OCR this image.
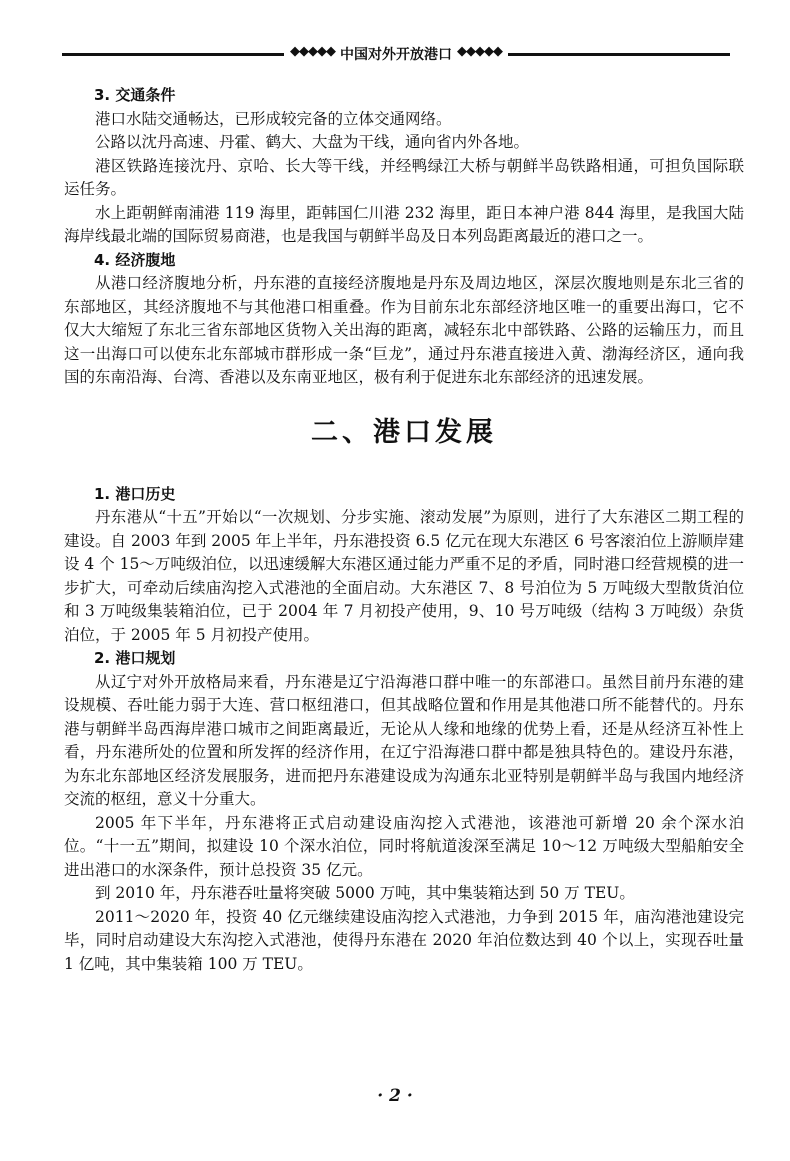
◆◆◆◆◆ 中国对外开放港口 ◆◆◆◆◆
3. 交通条件

港口水陆交通畅达，已形成较完备的立体交通网络。

公路以沈丹高速、丹霍、鹤大、大盘为干线，通向省内外各地。

港区铁路连接沈丹、京哈、长大等干线，并经鸭绿江大桥与朝鲜半岛铁路相通，可担负国际联运任务。

水上距朝鲜南浦港 119 海里，距韩国仁川港 232 海里，距日本神户港 844 海里，是我国大陆海岸线最北端的国际贸易商港，也是我国与朝鲜半岛及日本列岛距离最近的港口之一。

4. 经济腹地

从港口经济腹地分析，丹东港的直接经济腹地是丹东及周边地区，深层次腹地则是东北三省的东部地区，其经济腹地不与其他港口相重叠。作为目前东北东部经济地区唯一的重要出海口，它不仅大大缩短了东北三省东部地区货物入关出海的距离，减轻东北中部铁路、公路的运输压力，而且这一出海口可以使东北东部城市群形成一条“巨龙”，通过丹东港直接进入黄、渤海经济区，通向我国的东南沿海、台湾、香港以及东南亚地区，极有利于促进东北东部经济的迅速发展。

二、港口发展
1. 港口历史

丹东港从“十五”开始以“一次规划、分步实施、滚动发展”为原则，进行了大东港区二期工程的建设。自 2003 年到 2005 年上半年，丹东港投资 6.5 亿元在现大东港区 6 号客滚泊位上游顺岸建设 4 个 15～万吨级泊位，以迅速缓解大东港区通过能力严重不足的矛盾，同时港口经营规模的进一步扩大，可牵动后续庙沟挖入式港池的全面启动。大东港区 7、8 号泊位为 5 万吨级大型散货泊位和 3 万吨级集装箱泊位，已于 2004 年 7 月初投产使用，9、10 号万吨级（结构 3 万吨级）杂货泊位，于 2005 年 5 月初投产使用。

2. 港口规划

从辽宁对外开放格局来看，丹东港是辽宁沿海港口群中唯一的东部港口。虽然目前丹东港的建设规模、吞吐能力弱于大连、营口枢纽港口，但其战略位置和作用是其他港口所不能替代的。丹东港与朝鲜半岛西海岸港口城市之间距离最近，无论从人缘和地缘的优势上看，还是从经济互补性上看，丹东港所处的位置和所发挥的经济作用，在辽宁沿海港口群中都是独具特色的。建设丹东港，为东北东部地区经济发展服务，进而把丹东港建设成为沟通东北亚特别是朝鲜半岛与我国内地经济交流的枢纽，意义十分重大。

2005 年下半年，丹东港将正式启动建设庙沟挖入式港池，该港池可新增 20 余个深水泊位。“十一五”期间，拟建设 10 个深水泊位，同时将航道浚深至满足 10～12 万吨级大型船舶安全进出港口的水深条件，预计总投资 35 亿元。

到 2010 年，丹东港吞吐量将突破 5000 万吨，其中集装箱达到 50 万 TEU。

2011～2020 年，投资 40 亿元继续建设庙沟挖入式港池，力争到 2015 年，庙沟港池建设完毕，同时启动建设大东沟挖入式港池，使得丹东港在 2020 年泊位数达到 40 个以上，实现吞吐量 1 亿吨，其中集装箱 100 万 TEU。

· 2 ·
